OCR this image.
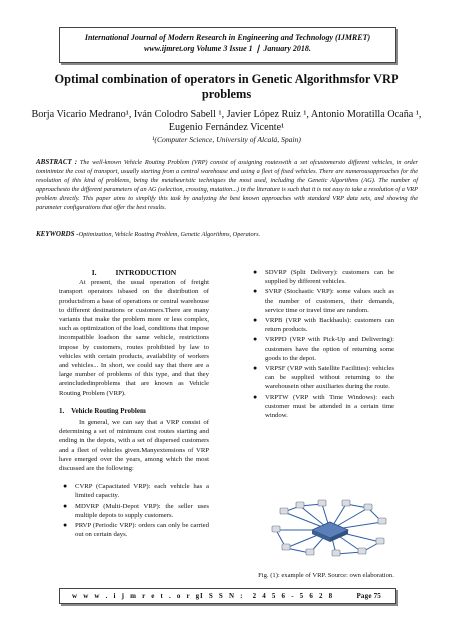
International Journal of Modern Research in Engineering and Technology (IJMRET)
www.ijmret.org Volume 3 Issue 1 ❘ January 2018.
Optimal combination of operators in Genetic Algorithmsfor VRP problems
Borja Vicario Medrano¹, Iván Colodro Sabell ¹, Javier López Ruiz ¹, Antonio Moratilla Ocaña ¹, Eugenio Fernández Vicente¹
¹(Computer Science, University of Alcalá, Spain)
ABSTRACT : The well-known Vehicle Routing Problem (VRP) consist of assigning routeswith a set ofcustomersto different vehicles, in order tominimize the cost of transport, usually starting from a central warehouse and using a fleet of fixed vehicles. There are numerousapproaches for the resolution of this kind of problems, being the metaheuristic techniques the most used, including the Genetic Algorithms (AG). The number of approachesto the different parameters of an AG (selection, crossing, mutation...) in the literature is such that it is not easy to take a resolution of a VRP problem directly. This paper aims to simplify this task by analyzing the best known approaches with standard VRP data sets, and showing the parameter configurations that offer the best results.
KEYWORDS -Optimization, Vehicle Routing Problem, Genetic Algorithms, Operators.
I.          INTRODUCTION
At present, the usual operation of freight transport operators isbased on the distribution of productsfrom a base of operations or central warehouse to different destinations or customers.There are many variants that make the problem more or less complex, such as optimization of the load, conditions that impose incompatible loadson the same vehicle, restrictions impose by customers, routes prohibited by law to vehicles with certain products, availability of workers and vehicles... In short, we could say that there are a large number of problems of this type, and that they areincludedinproblems that are known as Vehicle Routing Problem (VRP).
1.    Vehicle Routing Problem
In general, we can say that a VRP consist of determining a set of minimum cost routes starting and ending in the depots, with a set of dispersed customers and a fleet of vehicles given.Manyextensions of VRP have emerged over the years, among which the most discussed are the following:
● CVRP (Capacitated VRP): each vehicle has a limited capacity.
● MDVRP (Multi-Depot VRP): the seller uses multiple depots to supply customers.
● PRVP (Periodic VRP): orders can only be carried out on certain days.
● SDVRP (Split Delivery): customers can be supplied by different vehicles.
● SVRP (Stochastic VRP): some values such as the number of customers, their demands, service time or travel time are random.
● VRPB (VRP with Backhauls): customers can return products.
● VRPPD (VRP with Pick-Up and Delivering): customers have the option of returning some goods to the depot.
● VRPSF (VRP with Satellite Facilities): vehicles can be supplied without returning to the warehousein other auxiliaries during the route.
● VRPTW (VRP with Time Windows): each customer must be attended in a certain time window.
Fig. (1): example of VRP. Source: own elaboration.
w w w . i j m r e t . o r g
I S S N :  2 4 5 6 - 5 6 2 8	Page 75
